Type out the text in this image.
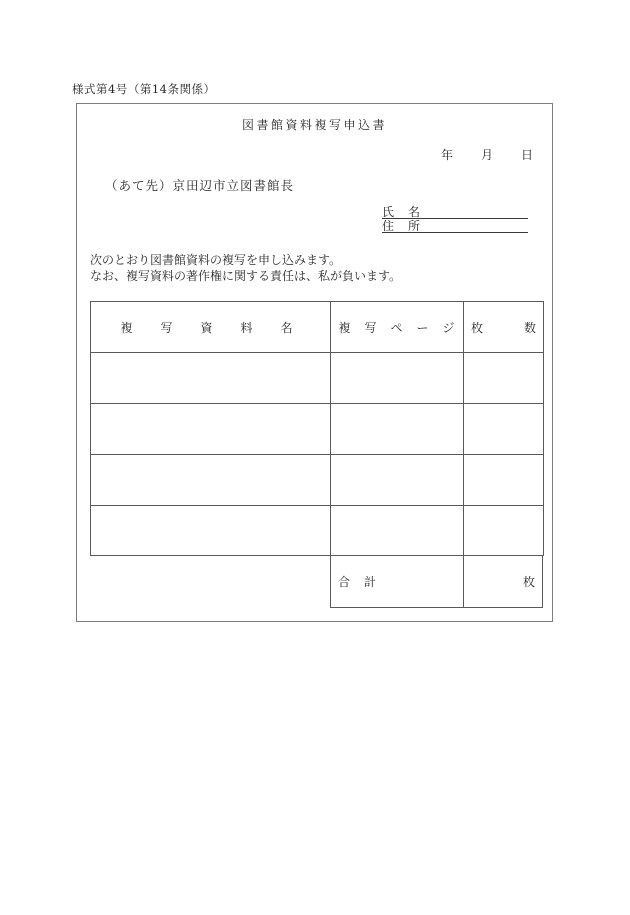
様式第4号（第14条関係）
図書館資料複写申込書
年 月 日
（あて先）京田辺市立図書館長
氏　名
住　所
次のとおり図書館資料の複写を申し込みます。
なお、複写資料の著作権に関する責任は、私が負います。
複　写　資　料　名	複　写　ペ　ー　ジ	枚 数

合　計	枚
